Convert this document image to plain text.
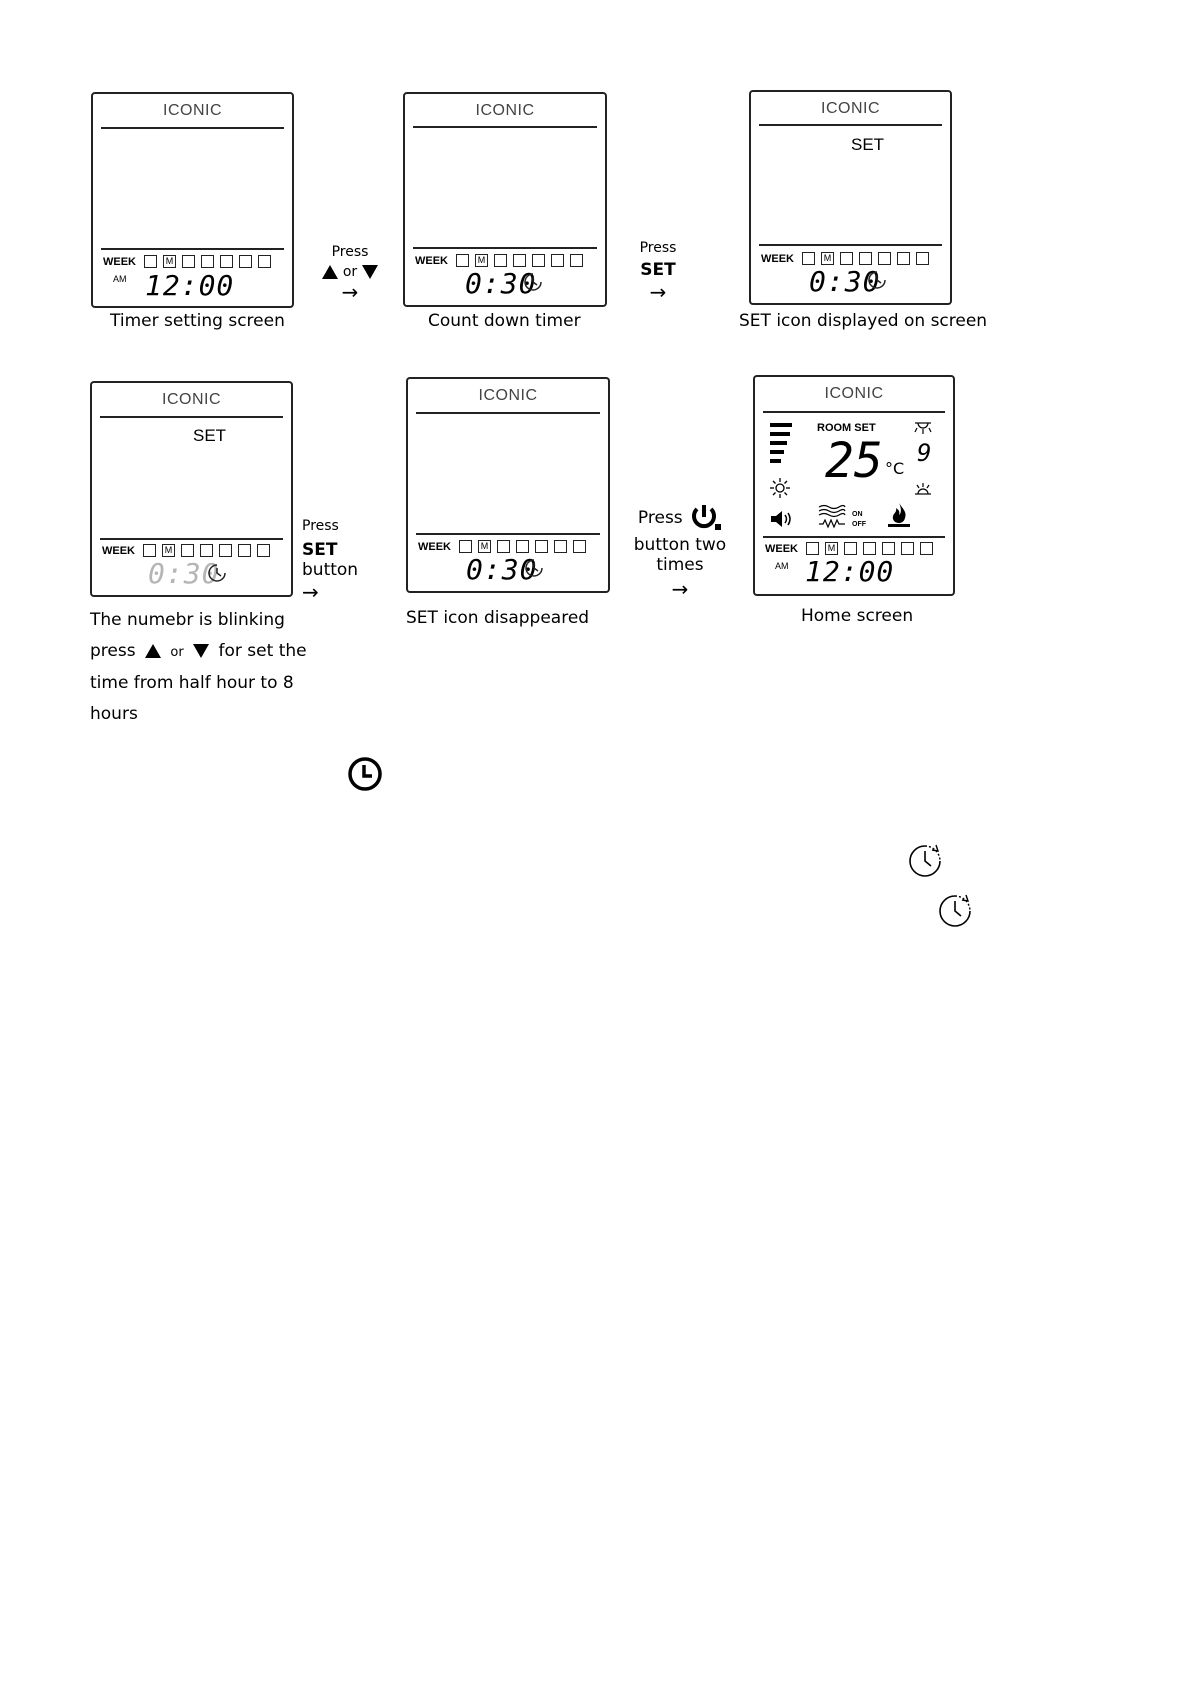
ICONIC
WEEK	M
AM 12:00
Timer setting screen
Press
or
→
ICONIC
WEEK	M
0:30
Count down timer
Press
SET
→
ICONIC
SET
WEEK	M
0:30
SET icon displayed on screen
ICONIC
SET
WEEK	M
0:30
The numebr is blinking
press	or for set the
time from half hour to 8
hours
Press
SET button
→
ICONIC
WEEK	M
0:30
SET icon disappeared
Press
button two times
→
ICONIC
ROOM SET
25 °C
9
ON
OFF
WEEK	M
AM 12:00
Home screen
